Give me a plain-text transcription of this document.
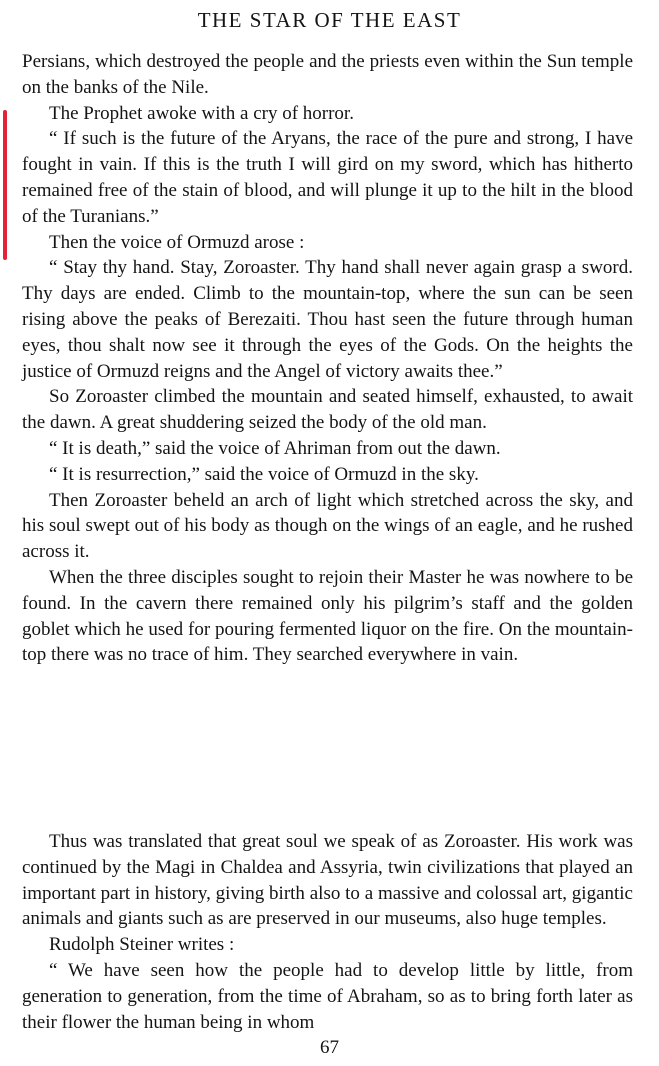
THE STAR OF THE EAST

Persians, which destroyed the people and the priests even within the Sun temple on the banks of the Nile.

The Prophet awoke with a cry of horror.

“ If such is the future of the Aryans, the race of the pure and strong, I have fought in vain. If this is the truth I will gird on my sword, which has hitherto remained free of the stain of blood, and will plunge it up to the hilt in the blood of the Turanians.”

Then the voice of Ormuzd arose :

“ Stay thy hand. Stay, Zoroaster. Thy hand shall never again grasp a sword. Thy days are ended. Climb to the mountain-top, where the sun can be seen rising above the peaks of Berezaiti. Thou hast seen the future through human eyes, thou shalt now see it through the eyes of the Gods. On the heights the justice of Ormuzd reigns and the Angel of victory awaits thee.”

So Zoroaster climbed the mountain and seated himself, exhausted, to await the dawn. A great shuddering seized the body of the old man.

“ It is death,” said the voice of Ahriman from out the dawn.

“ It is resurrection,” said the voice of Ormuzd in the sky.

Then Zoroaster beheld an arch of light which stretched across the sky, and his soul swept out of his body as though on the wings of an eagle, and he rushed across it.

When the three disciples sought to rejoin their Master he was nowhere to be found. In the cavern there remained only his pilgrim’s staff and the golden goblet which he used for pouring fermented liquor on the fire. On the mountain-top there was no trace of him. They searched everywhere in vain.

Thus was translated that great soul we speak of as Zoroaster. His work was continued by the Magi in Chaldea and Assyria, twin civilizations that played an important part in history, giving birth also to a massive and colossal art, gigantic animals and giants such as are preserved in our museums, also huge temples.

Rudolph Steiner writes :

“ We have seen how the people had to develop little by little, from generation to generation, from the time of Abraham, so as to bring forth later as their flower the human being in whom

67
